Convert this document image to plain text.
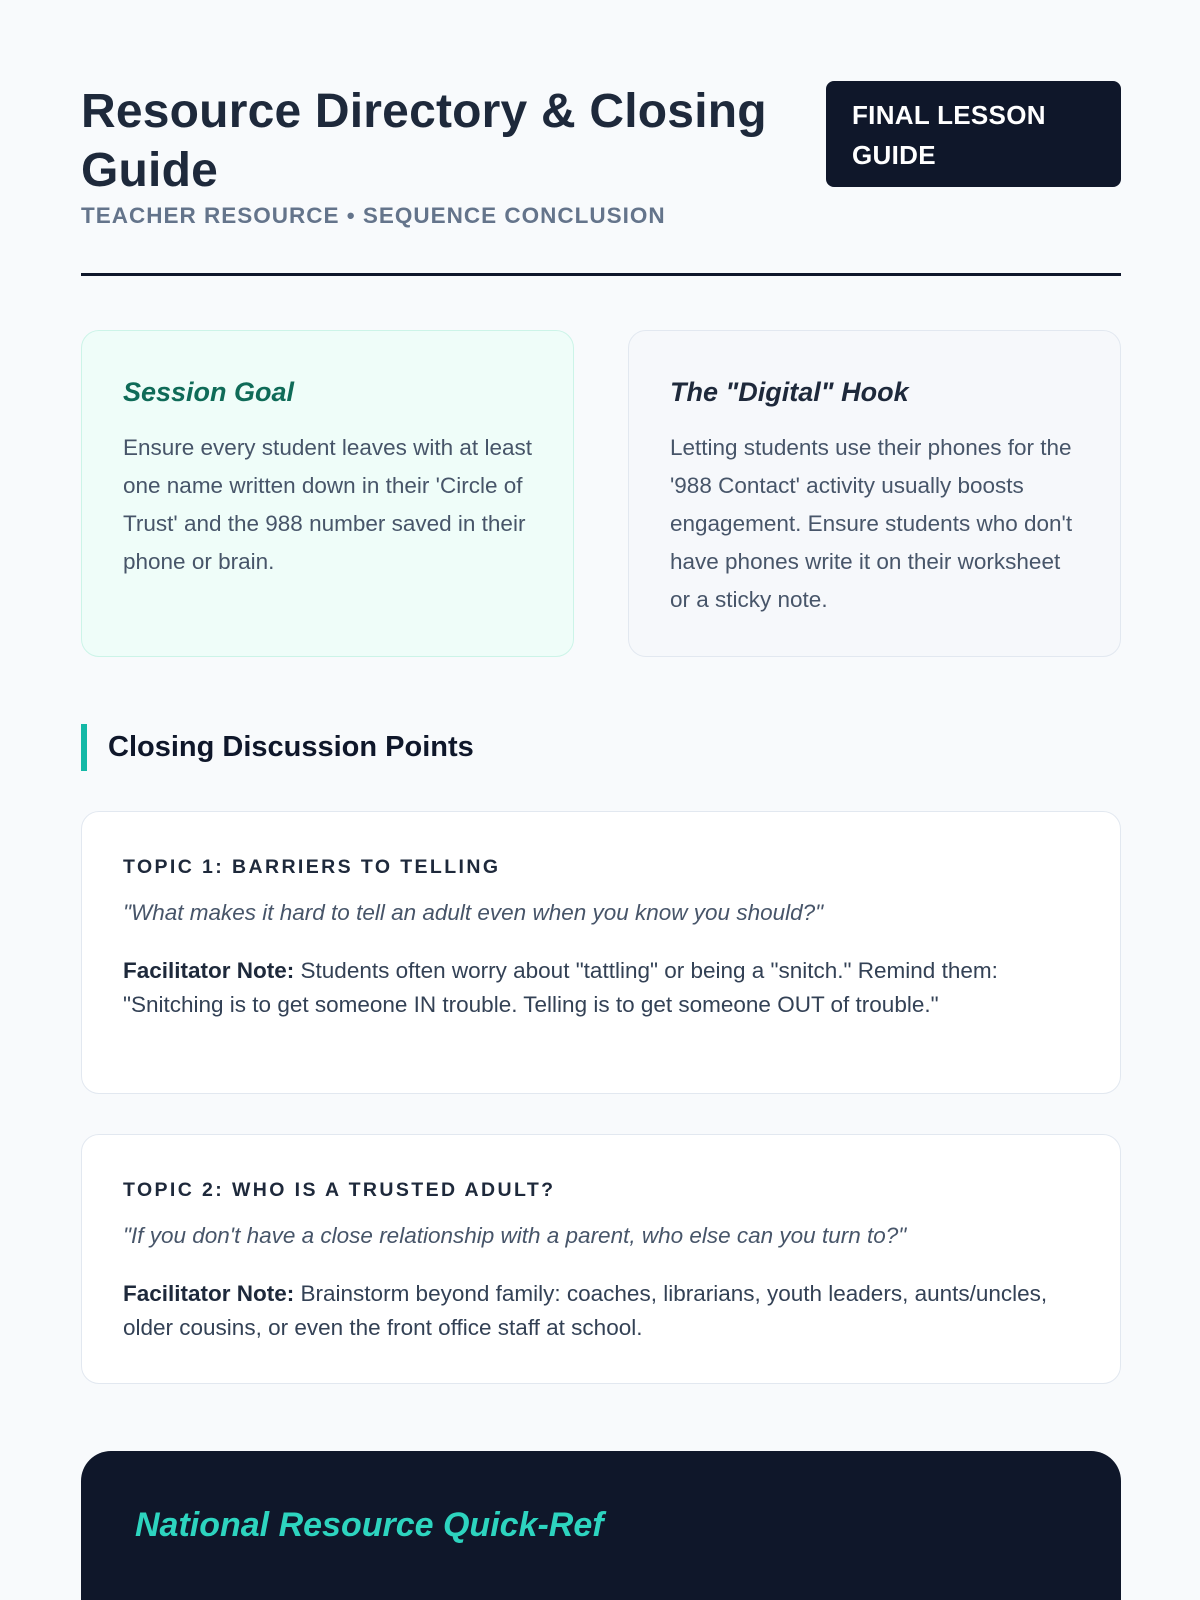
Resource Directory & Closing Guide
FINAL LESSON GUIDE
TEACHER RESOURCE • SEQUENCE CONCLUSION
Session Goal

Ensure every student leaves with at least one name written down in their 'Circle of Trust' and the 988 number saved in their phone or brain.

The "Digital" Hook

Letting students use their phones for the '988 Contact' activity usually boosts engagement. Ensure students who don't have phones write it on their worksheet or a sticky note.

Closing Discussion Points
TOPIC 1: BARRIERS TO TELLING
"What makes it hard to tell an adult even when you know you should?"
Facilitator Note: Students often worry about "tattling" or being a "snitch." Remind them: "Snitching is to get someone IN trouble. Telling is to get someone OUT of trouble."
TOPIC 2: WHO IS A TRUSTED ADULT?
"If you don't have a close relationship with a parent, who else can you turn to?"
Facilitator Note: Brainstorm beyond family: coaches, librarians, youth leaders, aunts/uncles, older cousins, or even the front office staff at school.
National Resource Quick-Ref
